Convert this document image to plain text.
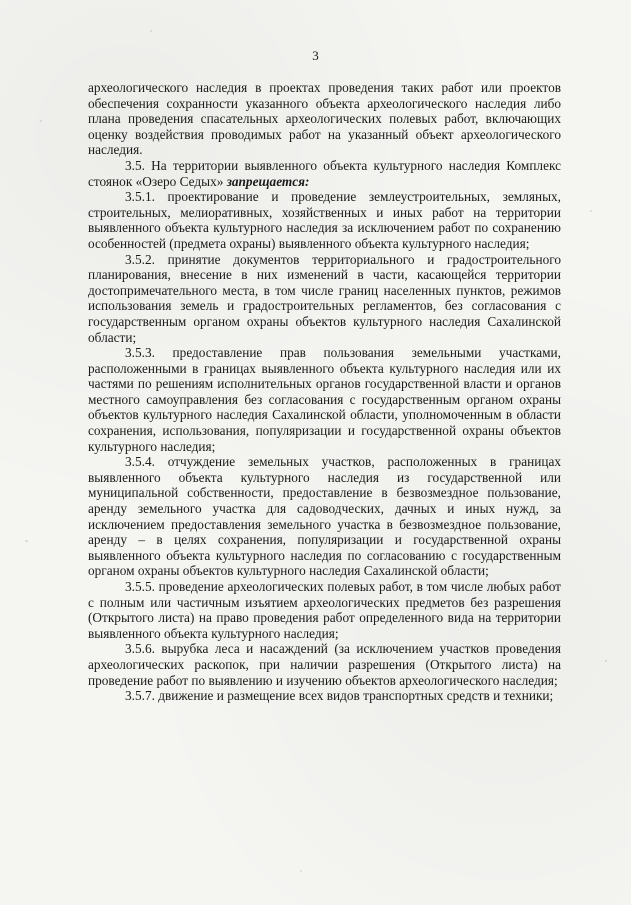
3

археологического наследия в проектах проведения таких работ или проектов обеспечения сохранности указанного объекта археологического наследия либо плана проведения спасательных археологических полевых работ, включающих оценку воздействия проводимых работ на указанный объект археологического наследия.

3.5. На территории выявленного объекта культурного наследия Комплекс стоянок «Озеро Седых» запрещается:

3.5.1. проектирование и проведение землеустроительных, земляных, строительных, мелиоративных, хозяйственных и иных работ на территории выявленного объекта культурного наследия за исключением работ по сохранению особенностей (предмета охраны) выявленного объекта культурного наследия;

3.5.2. принятие документов территориального и градостроительного планирования, внесение в них изменений в части, касающейся территории достопримечательного места, в том числе границ населенных пунктов, режимов использования земель и градостроительных регламентов, без согласования с государственным органом охраны объектов культурного наследия Сахалинской области;

3.5.3. предоставление прав пользования земельными участками, расположенными в границах выявленного объекта культурного наследия или их частями по решениям исполнительных органов государственной власти и органов местного самоуправления без согласования с государственным органом охраны объектов культурного наследия Сахалинской области, уполномоченным в области сохранения, использования, популяризации и государственной охраны объектов культурного наследия;

3.5.4. отчуждение земельных участков, расположенных в границах выявленного объекта культурного наследия из государственной или муниципальной собственности, предоставление в безвозмездное пользование, аренду земельного участка для садоводческих, дачных и иных нужд, за исключением предоставления земельного участка в безвозмездное пользование, аренду – в целях сохранения, популяризации и государственной охраны выявленного объекта культурного наследия по согласованию с государственным органом охраны объектов культурного наследия Сахалинской области;

3.5.5. проведение археологических полевых работ, в том числе любых работ с полным или частичным изъятием археологических предметов без разрешения (Открытого листа) на право проведения работ определенного вида на территории выявленного объекта культурного наследия;

3.5.6. вырубка леса и насаждений (за исключением участков проведения археологических раскопок, при наличии разрешения (Открытого листа) на проведение работ по выявлению и изучению объектов археологического наследия;

3.5.7. движение и размещение всех видов транспортных средств и техники;
